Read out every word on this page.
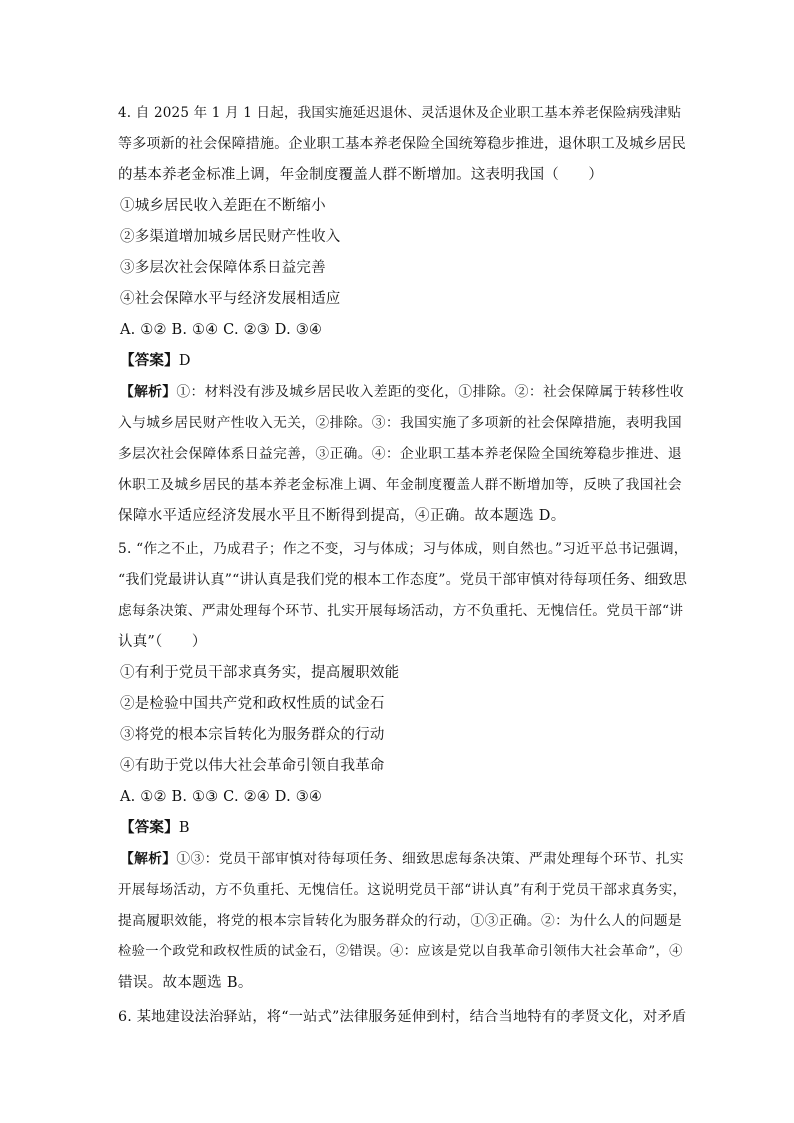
4. 自 2025 年 1 月 1 日起，我国实施延迟退休、灵活退休及企业职工基本养老保险病残津贴
等多项新的社会保障措施。企业职工基本养老保险全国统筹稳步推进，退休职工及城乡居民
的基本养老金标准上调，年金制度覆盖人群不断增加。这表明我国（　　）
①城乡居民收入差距在不断缩小
②多渠道增加城乡居民财产性收入
③多层次社会保障体系日益完善
④社会保障水平与经济发展相适应
A. ①② B. ①④ C. ②③ D. ③④
【答案】D
【解析】①：材料没有涉及城乡居民收入差距的变化，①排除。②：社会保障属于转移性收
入与城乡居民财产性收入无关，②排除。③：我国实施了多项新的社会保障措施，表明我国
多层次社会保障体系日益完善，③正确。④：企业职工基本养老保险全国统筹稳步推进、退
休职工及城乡居民的基本养老金标准上调、年金制度覆盖人群不断增加等，反映了我国社会
保障水平适应经济发展水平且不断得到提高，④正确。故本题选 D。
5. “作之不止，乃成君子；作之不变，习与体成；习与体成，则自然也。”习近平总书记强调，
“我们党最讲认真”“讲认真是我们党的根本工作态度”。党员干部审慎对待每项任务、细致思
虑每条决策、严肃处理每个环节、扎实开展每场活动，方不负重托、无愧信任。党员干部“讲
认真”（　　）
①有利于党员干部求真务实，提高履职效能
②是检验中国共产党和政权性质的试金石
③将党的根本宗旨转化为服务群众的行动
④有助于党以伟大社会革命引领自我革命
A. ①② B. ①③ C. ②④ D. ③④
【答案】B
【解析】①③：党员干部审慎对待每项任务、细致思虑每条决策、严肃处理每个环节、扎实
开展每场活动，方不负重托、无愧信任。这说明党员干部“讲认真”有利于党员干部求真务实，
提高履职效能，将党的根本宗旨转化为服务群众的行动，①③正确。②：为什么人的问题是
检验一个政党和政权性质的试金石，②错误。④：应该是党以自我革命引领伟大社会革命”，④
错误。故本题选 B。
6. 某地建设法治驿站，将“一站式”法律服务延伸到村，结合当地特有的孝贤文化，对矛盾
